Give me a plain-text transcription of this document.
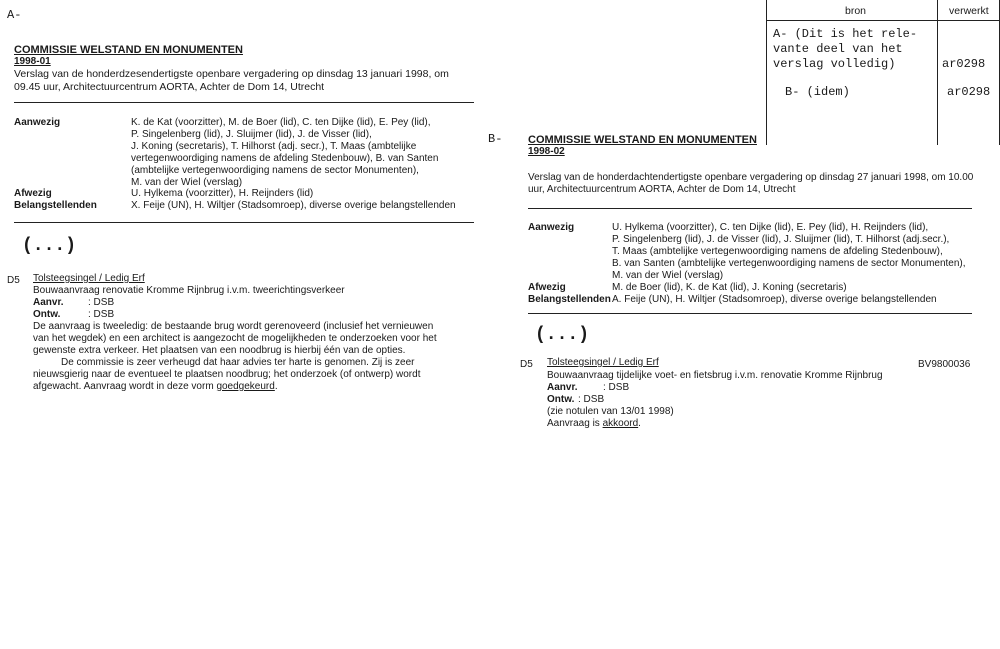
A-
COMMISSIE WELSTAND EN MONUMENTEN
1998-01
Verslag van de honderdzesendertigste openbare vergadering op dinsdag 13 januari 1998, om
09.45 uur, Architectuurcentrum AORTA, Achter de Dom 14, Utrecht
Aanwezig	K. de Kat (voorzitter), M. de Boer (lid), C. ten Dijke (lid), E. Pey (lid),
P. Singelenberg (lid), J. Sluijmer (lid), J. de Visser (lid),
J. Koning (secretaris), T. Hilhorst (adj. secr.), T. Maas (ambtelijke
vertegenwoordiging namens de afdeling Stedenbouw), B. van Santen
(ambtelijke vertegenwoordiging namens de sector Monumenten),
M. van der Wiel (verslag)
Afwezig	U. Hylkema (voorzitter), H. Reijnders (lid)
Belangstellenden	X. Feije (UN), H. Wiltjer (Stadsomroep), diverse overige belangstellenden
(...)
D5 Tolsteegsingel / Ledig Erf
Bouwaanvraag renovatie Kromme Rijnbrug i.v.m. tweerichtingsverkeer
Aanvr. : DSB
Ontw.	: DSB
De aanvraag is tweeledig: de bestaande brug wordt gerenoveerd (inclusief het vernieuwen
van het wegdek) en een architect is aangezocht de mogelijkheden te onderzoeken voor het
gewenste extra verkeer. Het plaatsen van een noodbrug is hierbij één van de opties.
De commissie is zeer verheugd dat haar advies ter harte is genomen. Zij is zeer
nieuwsgierig naar de eventueel te plaatsen noodbrug; het onderzoek (of ontwerp) wordt
afgewacht. Aanvraag wordt in deze vorm goedgekeurd.
bron	verwerkt
A- (Dit is het rele-
vante deel van het
verslag volledig)	ar0298
B- (idem)	ar0298
B- COMMISSIE WELSTAND EN MONUMENTEN
1998-02
Verslag van de honderdachtendertigste openbare vergadering op dinsdag 27 januari 1998, om 10.00
uur, Architectuurcentrum AORTA, Achter de Dom 14, Utrecht
Aanwezig	U. Hylkema (voorzitter), C. ten Dijke (lid), E. Pey (lid), H. Reijnders (lid),
P. Singelenberg (lid), J. de Visser (lid), J. Sluijmer (lid), T. Hilhorst (adj.secr.),
T. Maas (ambtelijke vertegenwoordiging namens de afdeling Stedenbouw),
B. van Santen (ambtelijke vertegenwoordiging namens de sector Monumenten),
M. van der Wiel (verslag)
Afwezig	M. de Boer (lid), K. de Kat (lid), J. Koning (secretaris)
Belangstellenden A. Feije (UN), H. Wiltjer (Stadsomroep), diverse overige belangstellenden
(...)
D5 Tolsteegsingel / Ledig Erf	BV9800036
Bouwaanvraag tijdelijke voet- en fietsbrug i.v.m. renovatie Kromme Rijnbrug
Aanvr.	: DSB
Ontw. : DSB
(zie notulen van 13/01 1998)
Aanvraag is akkoord.
